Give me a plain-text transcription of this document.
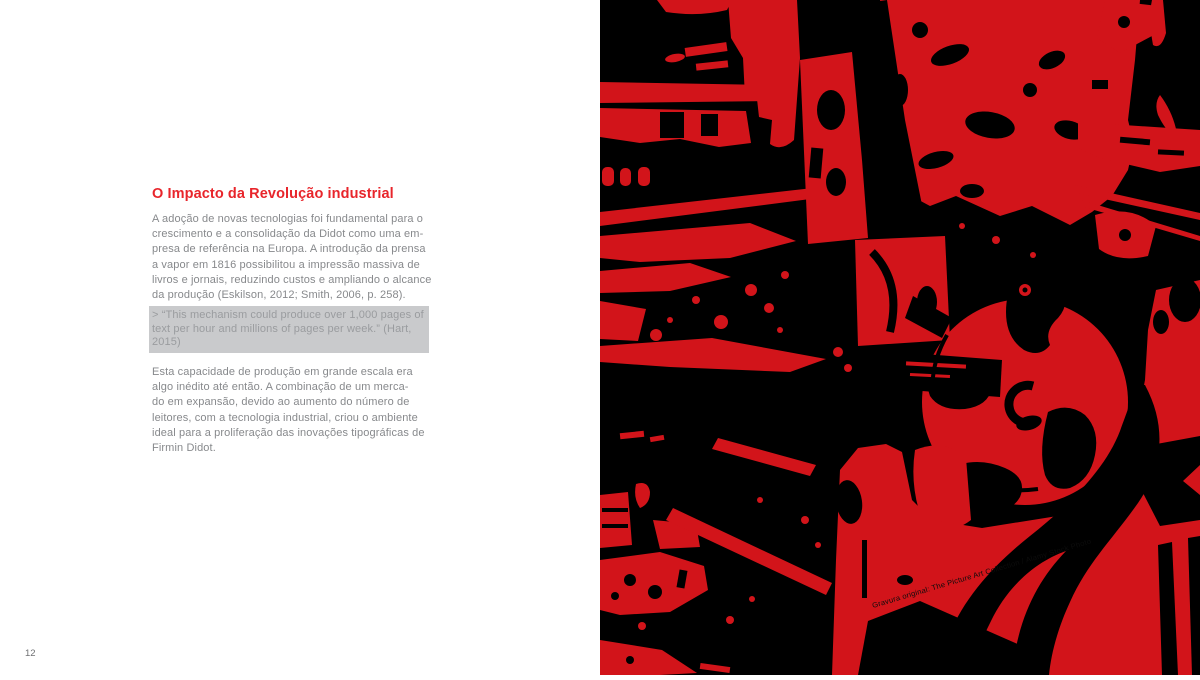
O Impacto da Revolução industrial

A adoção de novas tecnologias foi fundamental para o crescimento e a consolidação da Didot como uma em- presa de referência na Europa. A introdução da prensa a vapor em 1816 possibilitou a impressão massiva de livros e jornais, reduzindo custos e ampliando o alcance da produção (Eskilson, 2012; Smith, 2006, p. 258).

> “This mechanism could produce over 1,000 pages of text per hour and millions of pages per week.” (Hart, 2015)

Esta capacidade de produção em grande escala era algo inédito até então. A combinação de um merca- do em expansão, devido ao aumento do número de leitores, com a tecnologia industrial, criou o ambiente ideal para a proliferação das inovações tipográficas de Firmin Didot.

12
Gravura original: The Picture Art Collection / Alamy Stock Photo
